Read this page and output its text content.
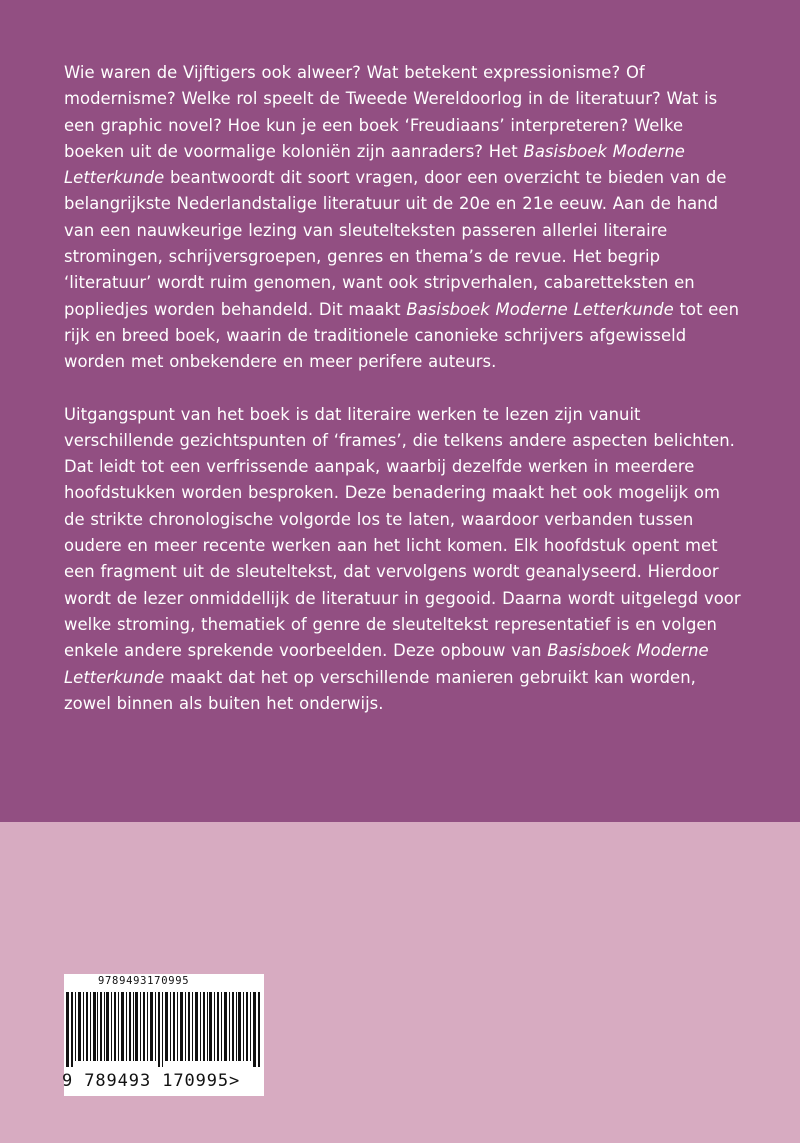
Wie waren de Vijftigers ook alweer? Wat betekent expressionisme? Of modernisme? Welke rol speelt de Tweede Wereldoorlog in de literatuur? Wat is een graphic novel? Hoe kun je een boek ‘Freudiaans’ interpreteren? Welke boeken uit de voormalige koloniën zijn aanraders? Het Basisboek Moderne Letterkunde beantwoordt dit soort vragen, door een overzicht te bieden van de belangrijkste Nederlandstalige literatuur uit de 20e en 21e eeuw. Aan de hand van een nauwkeurige lezing van sleutelteksten passeren allerlei literaire stromingen, schrijversgroepen, genres en thema’s de revue. Het begrip ‘literatuur’ wordt ruim genomen, want ook stripverhalen, cabaretteksten en popliedjes worden behandeld. Dit maakt Basisboek Moderne Letterkunde tot een rijk en breed boek, waarin de traditionele canonieke schrijvers afgewisseld worden met onbekendere en meer perifere auteurs.

Uitgangspunt van het boek is dat literaire werken te lezen zijn vanuit verschillende gezichtspunten of ‘frames’, die telkens andere aspecten belichten. Dat leidt tot een verfrissende aanpak, waarbij dezelfde werken in meerdere hoofdstukken worden besproken. Deze benadering maakt het ook mogelijk om de strikte chronologische volgorde los te laten, waardoor verbanden tussen oudere en meer recente werken aan het licht komen. Elk hoofdstuk opent met een fragment uit de sleuteltekst, dat vervolgens wordt geanalyseerd. Hierdoor wordt de lezer onmiddellijk de literatuur in gegooid. Daarna wordt uitgelegd voor welke stroming, thematiek of genre de sleuteltekst representatief is en volgen enkele andere sprekende voorbeelden. Deze opbouw van Basisboek Moderne Letterkunde maakt dat het op verschillende manieren gebruikt kan worden, zowel binnen als buiten het onderwijs.

9789493170995
9 789493 170995>
